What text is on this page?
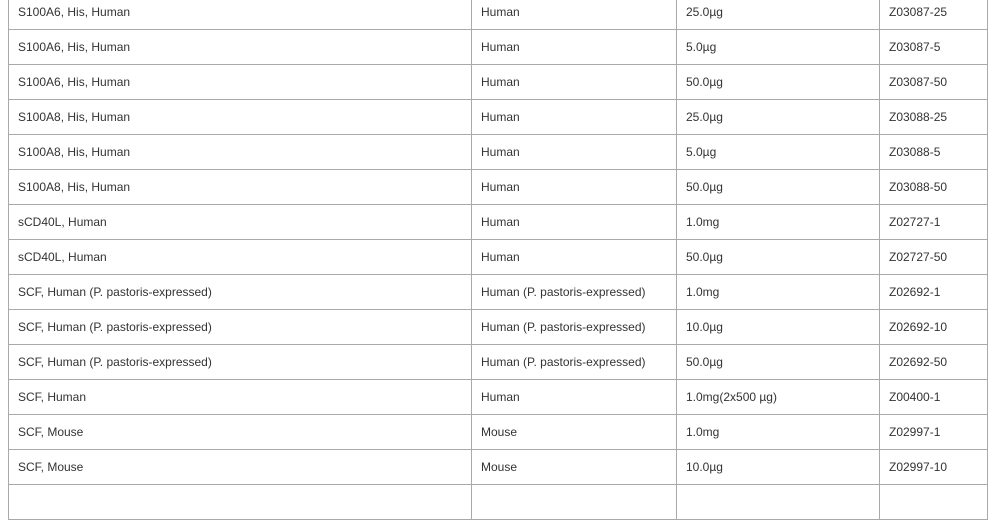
S100A6, His, Human	Human	25.0µg	Z03087-25
S100A6, His, Human	Human	5.0µg	Z03087-5
S100A6, His, Human	Human	50.0µg	Z03087-50
S100A8, His, Human	Human	25.0µg	Z03088-25
S100A8, His, Human	Human	5.0µg	Z03088-5
S100A8, His, Human	Human	50.0µg	Z03088-50
sCD40L, Human	Human	1.0mg	Z02727-1
sCD40L, Human	Human	50.0µg	Z02727-50
SCF, Human (P. pastoris-expressed)	Human (P. pastoris-expressed)	1.0mg	Z02692-1
SCF, Human (P. pastoris-expressed)	Human (P. pastoris-expressed)	10.0µg	Z02692-10
SCF, Human (P. pastoris-expressed)	Human (P. pastoris-expressed)	50.0µg	Z02692-50
SCF, Human	Human	1.0mg(2x500 µg)	Z00400-1
SCF, Mouse	Mouse	1.0mg	Z02997-1
SCF, Mouse	Mouse	10.0µg	Z02997-10
